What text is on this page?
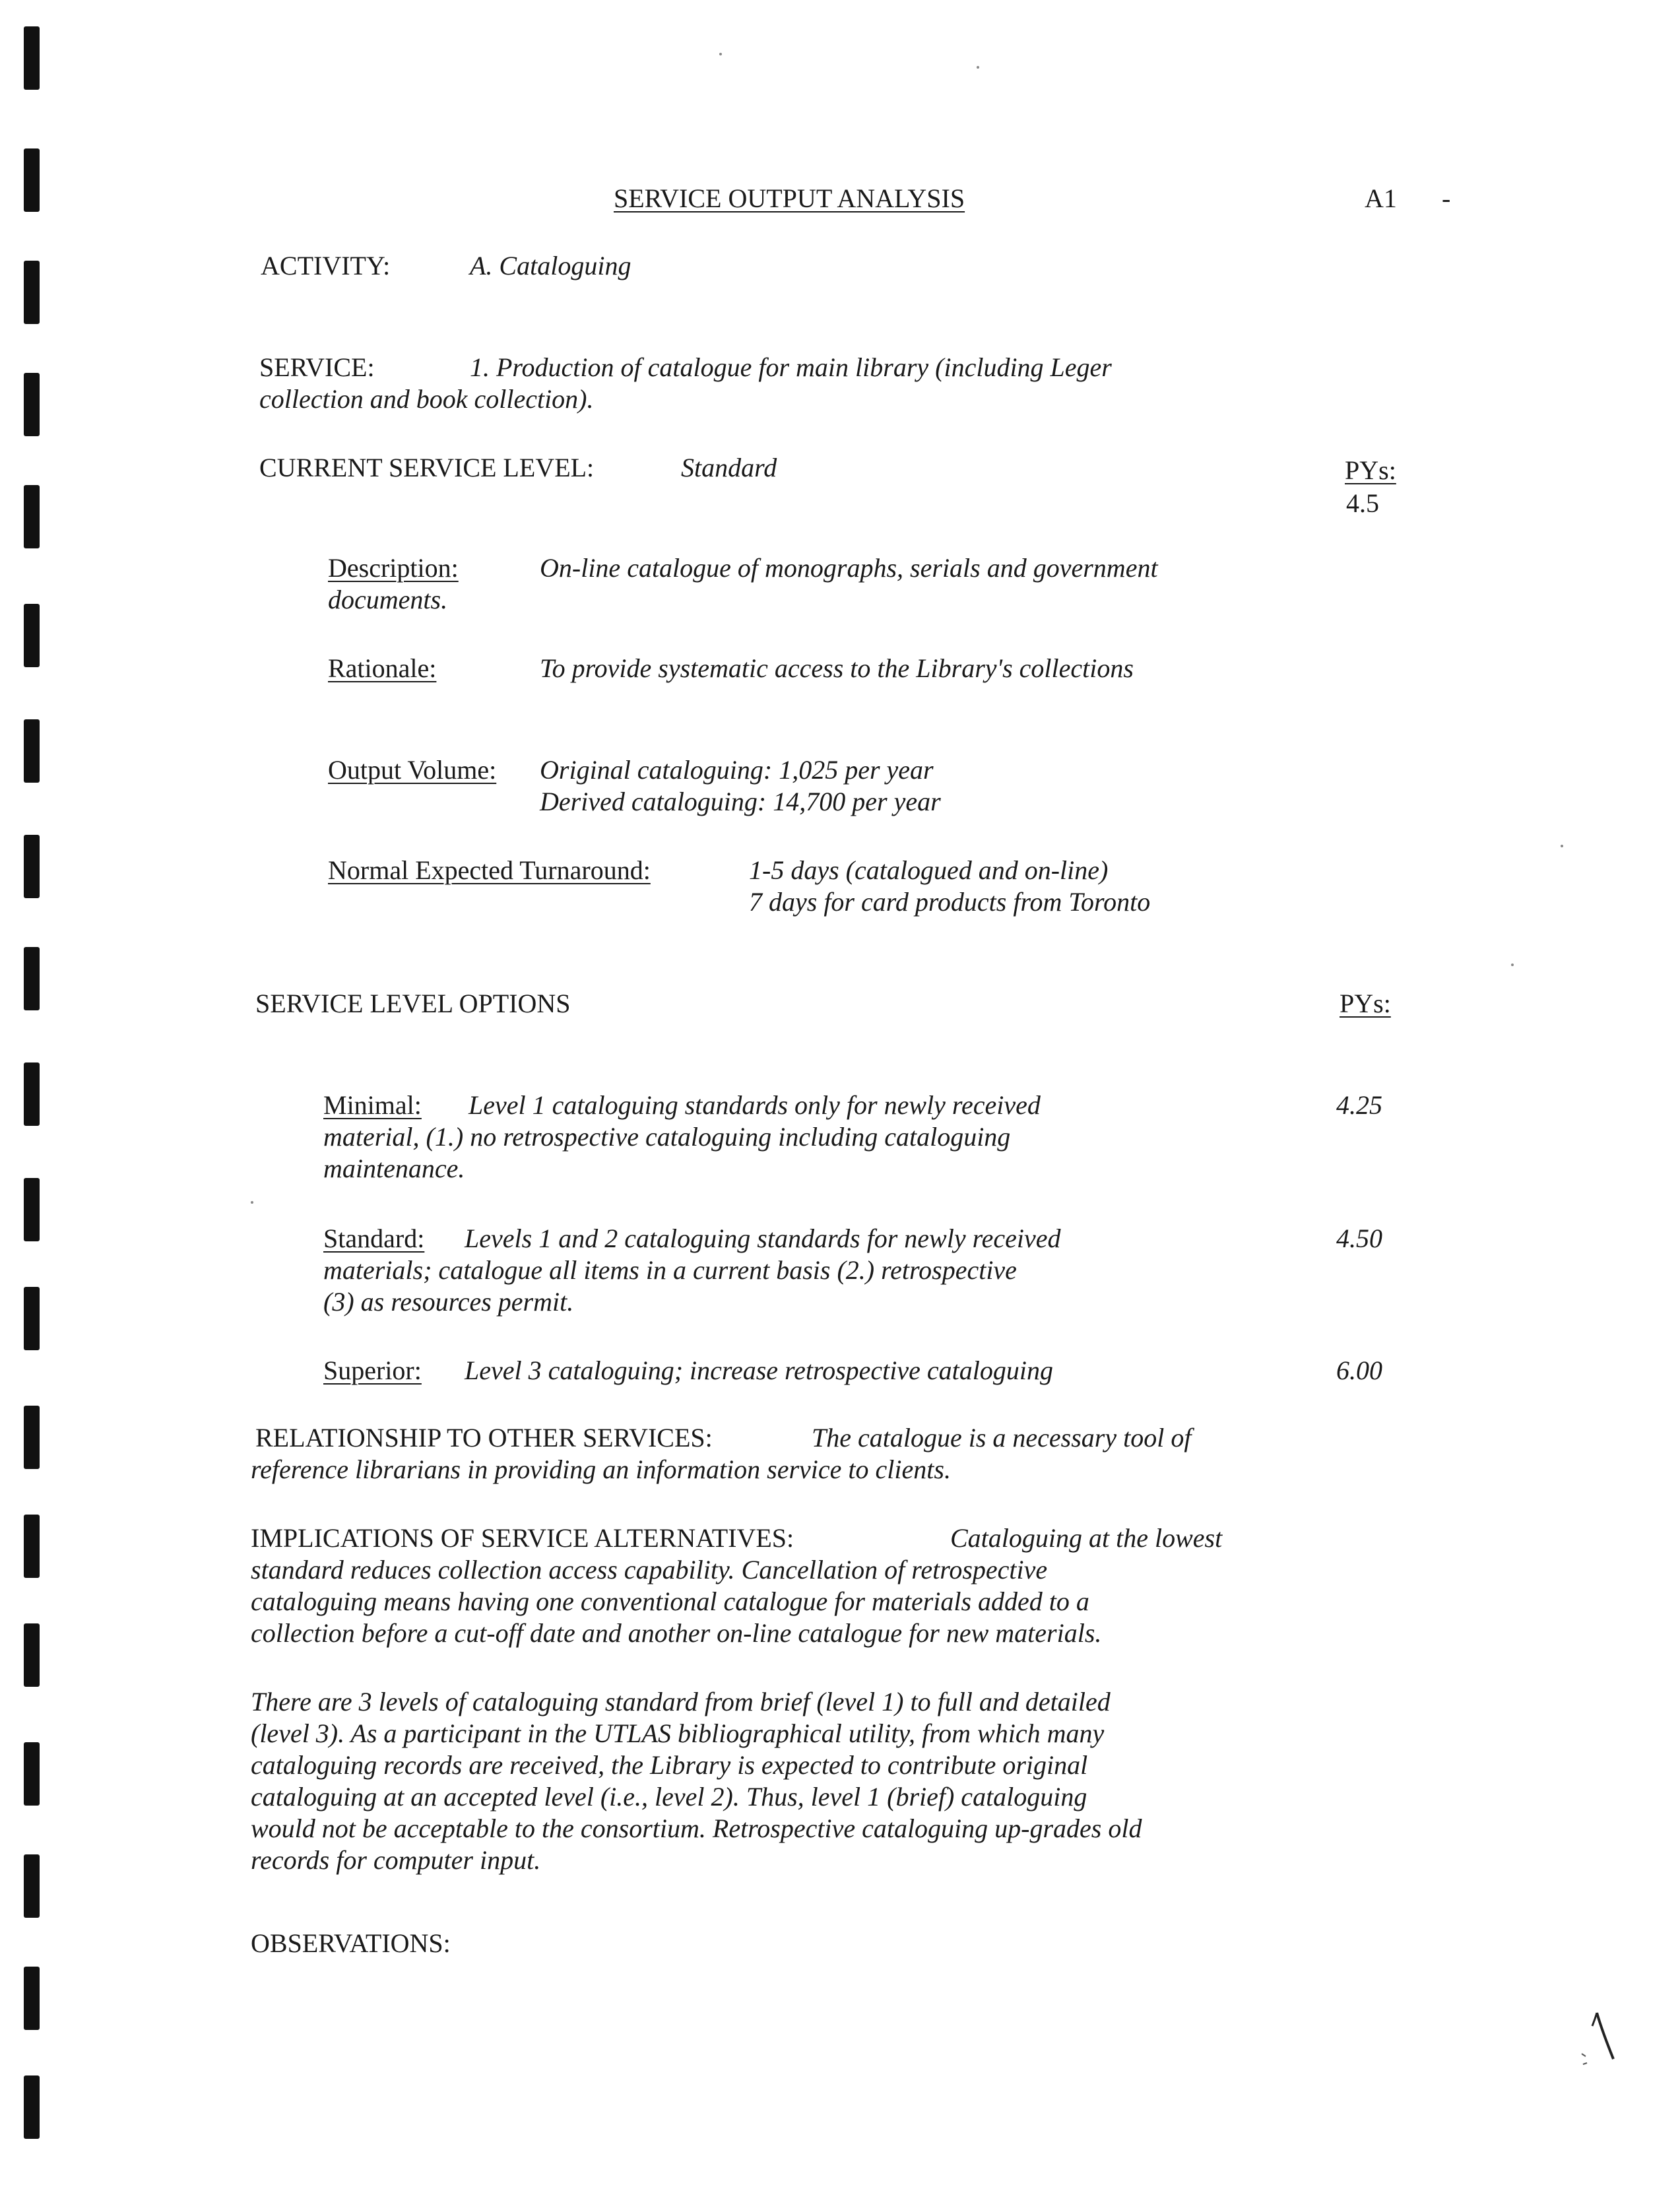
SERVICE OUTPUT ANALYSIS	A1 -
ACTIVITY:	A. Cataloguing
SERVICE:	1. Production of catalogue for main library (including Leger
collection and book collection).
CURRENT SERVICE LEVEL:	Standard	PYs:
4.5
Description:	On-line catalogue of monographs, serials and government
documents.
Rationale:	To provide systematic access to the Library's collections
Output Volume: Original cataloguing: 1,025 per year
Derived cataloguing: 14,700 per year
Normal Expected Turnaround:	1-5 days (catalogued and on-line)
7 days for card products from Toronto
SERVICE LEVEL OPTIONS	PYs:
Minimal: Level 1 cataloguing standards only for newly received
material, (1.) no retrospective cataloguing including cataloguing
maintenance.
4.25
Standard: Levels 1 and 2 cataloguing standards for newly received
materials; catalogue all items in a current basis (2.) retrospective
(3) as resources permit.
4.50
Superior: Level 3 cataloguing; increase retrospective cataloguing	6.00
RELATIONSHIP TO OTHER SERVICES:	The catalogue is a necessary tool of
reference librarians in providing an information service to clients.
IMPLICATIONS OF SERVICE ALTERNATIVES:	Cataloguing at the lowest
standard reduces collection access capability. Cancellation of retrospective
cataloguing means having one conventional catalogue for materials added to a
collection before a cut-off date and another on-line catalogue for new materials.
There are 3 levels of cataloguing standard from brief (level 1) to full and detailed
(level 3). As a participant in the UTLAS bibliographical utility, from which many
cataloguing records are received, the Library is expected to contribute original
cataloguing at an accepted level (i.e., level 2). Thus, level 1 (brief) cataloguing
would not be acceptable to the consortium. Retrospective cataloguing up-grades old
records for computer input.
OBSERVATIONS:
